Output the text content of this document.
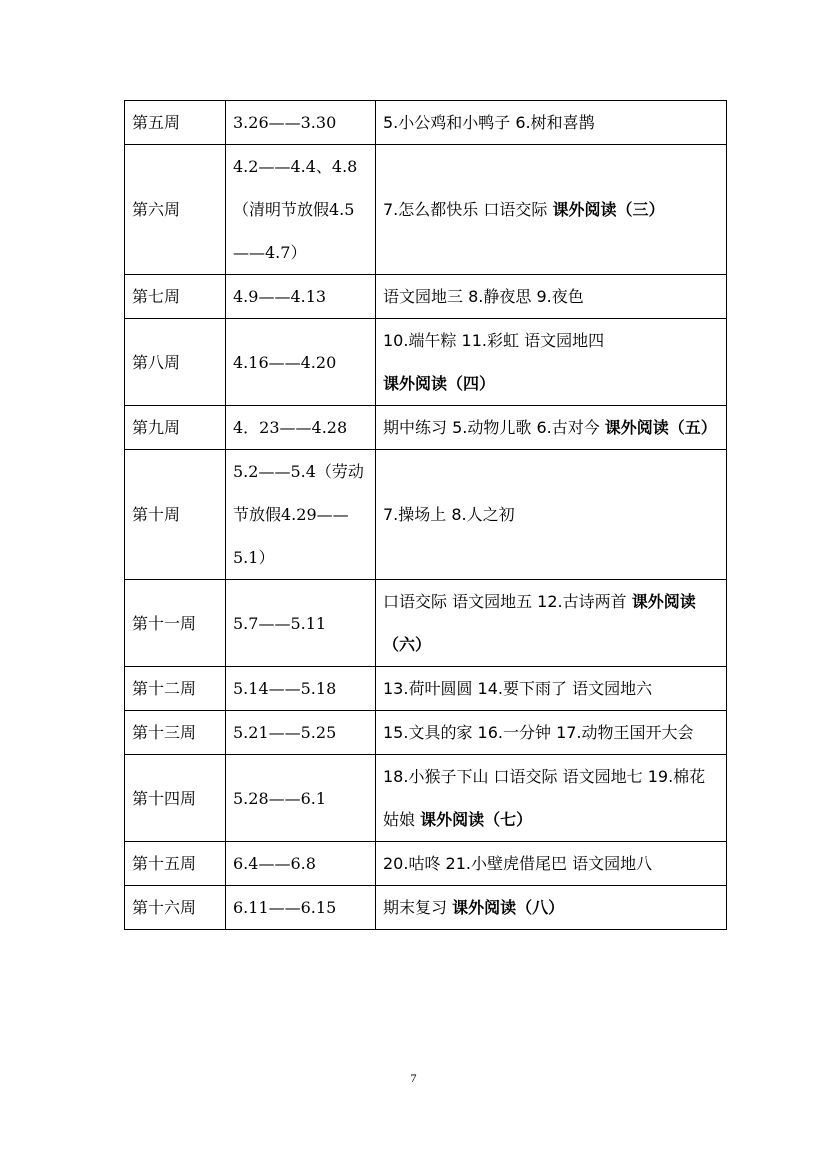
第五周	3.26——3.30	5.小公鸡和小鸭子 6.树和喜鹊
第六周	4.2——4.4、4.8（清明节放假4.5——4.7）	7.怎么都快乐 口语交际 课外阅读（三）
第七周	4.9——4.13	语文园地三 8.静夜思 9.夜色
第八周	4.16——4.20	10.端午粽 11.彩虹 语文园地四 课外阅读（四）
第九周	4．23——4.28	期中练习 5.动物儿歌 6.古对今 课外阅读（五）
第十周	5.2——5.4（劳动节放假4.29——5.1）	7.操场上 8.人之初
第十一周	5.7——5.11	口语交际 语文园地五 12.古诗两首 课外阅读（六）
第十二周	5.14——5.18	13.荷叶圆圆 14.要下雨了 语文园地六
第十三周	5.21——5.25	15.文具的家 16.一分钟 17.动物王国开大会
第十四周	5.28——6.1	18.小猴子下山 口语交际 语文园地七 19.棉花姑娘 课外阅读（七）
第十五周	6.4——6.8	20.咕咚 21.小壁虎借尾巴 语文园地八
第十六周	6.11——6.15	期末复习 课外阅读（八）
7
